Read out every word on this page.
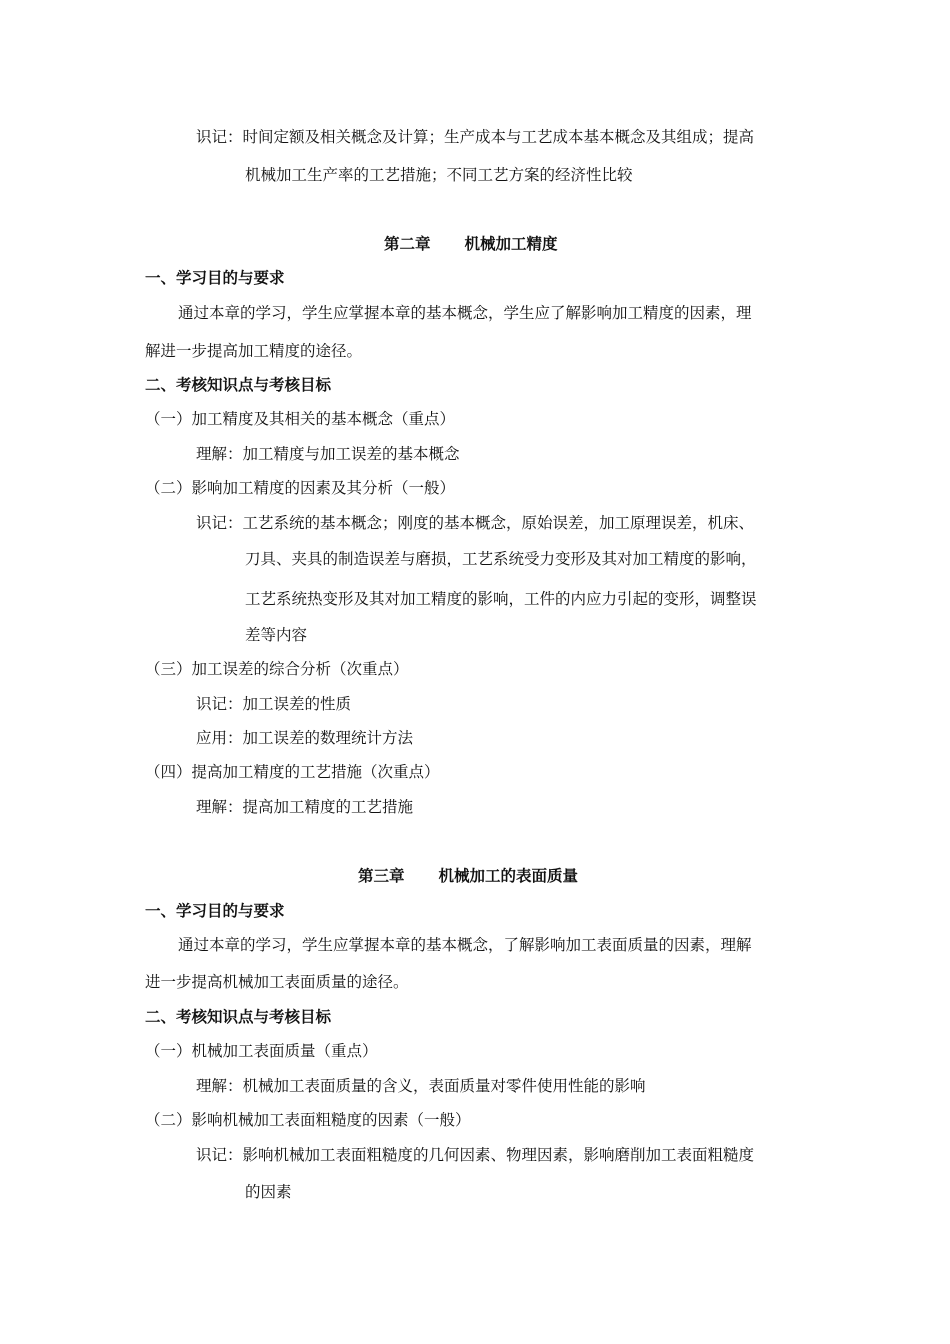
识记：时间定额及相关概念及计算；生产成本与工艺成本基本概念及其组成；提高
机械加工生产率的工艺措施；不同工艺方案的经济性比较
第二章 机械加工精度
一、学习目的与要求
通过本章的学习，学生应掌握本章的基本概念，学生应了解影响加工精度的因素，理
解进一步提高加工精度的途径。
二、考核知识点与考核目标
（一）加工精度及其相关的基本概念（重点）
理解：加工精度与加工误差的基本概念
（二）影响加工精度的因素及其分析（一般）
识记：工艺系统的基本概念；刚度的基本概念，原始误差，加工原理误差，机床、
刀具、夹具的制造误差与磨损，工艺系统受力变形及其对加工精度的影响，
工艺系统热变形及其对加工精度的影响，工件的内应力引起的变形，调整误
差等内容
（三）加工误差的综合分析（次重点）
识记：加工误差的性质
应用：加工误差的数理统计方法
（四）提高加工精度的工艺措施（次重点）
理解：提高加工精度的工艺措施
第三章 机械加工的表面质量
一、学习目的与要求
通过本章的学习，学生应掌握本章的基本概念，了解影响加工表面质量的因素，理解
进一步提高机械加工表面质量的途径。
二、考核知识点与考核目标
（一）机械加工表面质量（重点）
理解：机械加工表面质量的含义，表面质量对零件使用性能的影响
（二）影响机械加工表面粗糙度的因素（一般）
识记：影响机械加工表面粗糙度的几何因素、物理因素，影响磨削加工表面粗糙度
的因素
